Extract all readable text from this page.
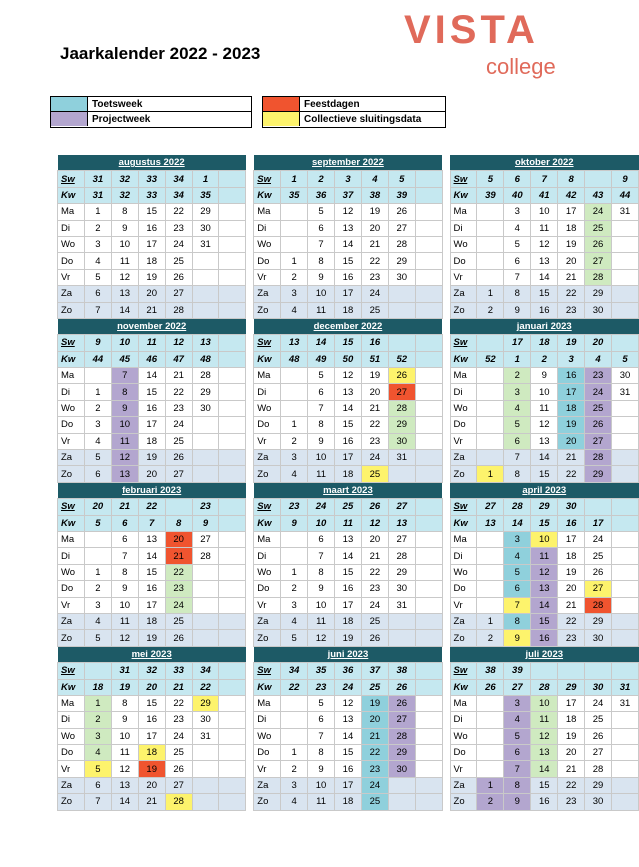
Jaarkalender 2022 - 2023
VISTA
college
Toetsweek
Projectweek
Feestdagen
Collectieve sluitingsdata
augustus 2022								september 2022								oktober 2022						
Sw	31	32	33	34	1			Sw	1	2	3	4	5			Sw	5	6	7	8		9
Kw	31	32	33	34	35			Kw	35	36	37	38	39			Kw	39	40	41	42	43	44
Ma	1	8	15	22	29			Ma		5	12	19	26			Ma		3	10	17	24	31
Di	2	9	16	23	30			Di		6	13	20	27			Di		4	11	18	25	
Wo	3	10	17	24	31			Wo		7	14	21	28			Wo		5	12	19	26	
Do	4	11	18	25				Do	1	8	15	22	29			Do		6	13	20	27	
Vr	5	12	19	26				Vr	2	9	16	23	30			Vr		7	14	21	28	
Za	6	13	20	27				Za	3	10	17	24				Za	1	8	15	22	29	
Zo	7	14	21	28				Zo	4	11	18	25				Zo	2	9	16	23	30	
november 2022								december 2022								januari 2023						
Sw	9	10	11	12	13			Sw	13	14	15	16				Sw		17	18	19	20	
Kw	44	45	46	47	48			Kw	48	49	50	51	52			Kw	52	1	2	3	4	5
Ma		7	14	21	28			Ma		5	12	19	26			Ma		2	9	16	23	30
Di	1	8	15	22	29			Di		6	13	20	27			Di		3	10	17	24	31
Wo	2	9	16	23	30			Wo		7	14	21	28			Wo		4	11	18	25	
Do	3	10	17	24				Do	1	8	15	22	29			Do		5	12	19	26	
Vr	4	11	18	25				Vr	2	9	16	23	30			Vr		6	13	20	27	
Za	5	12	19	26				Za	3	10	17	24	31			Za		7	14	21	28	
Zo	6	13	20	27				Zo	4	11	18	25				Zo	1	8	15	22	29	
februari 2023								maart 2023								april 2023						
Sw	20	21	22		23			Sw	23	24	25	26	27			Sw	27	28	29	30		
Kw	5	6	7	8	9			Kw	9	10	11	12	13			Kw	13	14	15	16	17	
Ma		6	13	20	27			Ma		6	13	20	27			Ma		3	10	17	24	
Di		7	14	21	28			Di		7	14	21	28			Di		4	11	18	25	
Wo	1	8	15	22				Wo	1	8	15	22	29			Wo		5	12	19	26	
Do	2	9	16	23				Do	2	9	16	23	30			Do		6	13	20	27	
Vr	3	10	17	24				Vr	3	10	17	24	31			Vr		7	14	21	28	
Za	4	11	18	25				Za	4	11	18	25				Za	1	8	15	22	29	
Zo	5	12	19	26				Zo	5	12	19	26				Zo	2	9	16	23	30	
mei 2023								juni 2023								juli 2023						
Sw		31	32	33	34			Sw	34	35	36	37	38			Sw	38	39				
Kw	18	19	20	21	22			Kw	22	23	24	25	26			Kw	26	27	28	29	30	31
Ma	1	8	15	22	29			Ma		5	12	19	26			Ma		3	10	17	24	31
Di	2	9	16	23	30			Di		6	13	20	27			Di		4	11	18	25	
Wo	3	10	17	24	31			Wo		7	14	21	28			Wo		5	12	19	26	
Do	4	11	18	25				Do	1	8	15	22	29			Do		6	13	20	27	
Vr	5	12	19	26				Vr	2	9	16	23	30			Vr		7	14	21	28	
Za	6	13	20	27				Za	3	10	17	24				Za	1	8	15	22	29	
Zo	7	14	21	28				Zo	4	11	18	25				Zo	2	9	16	23	30	
